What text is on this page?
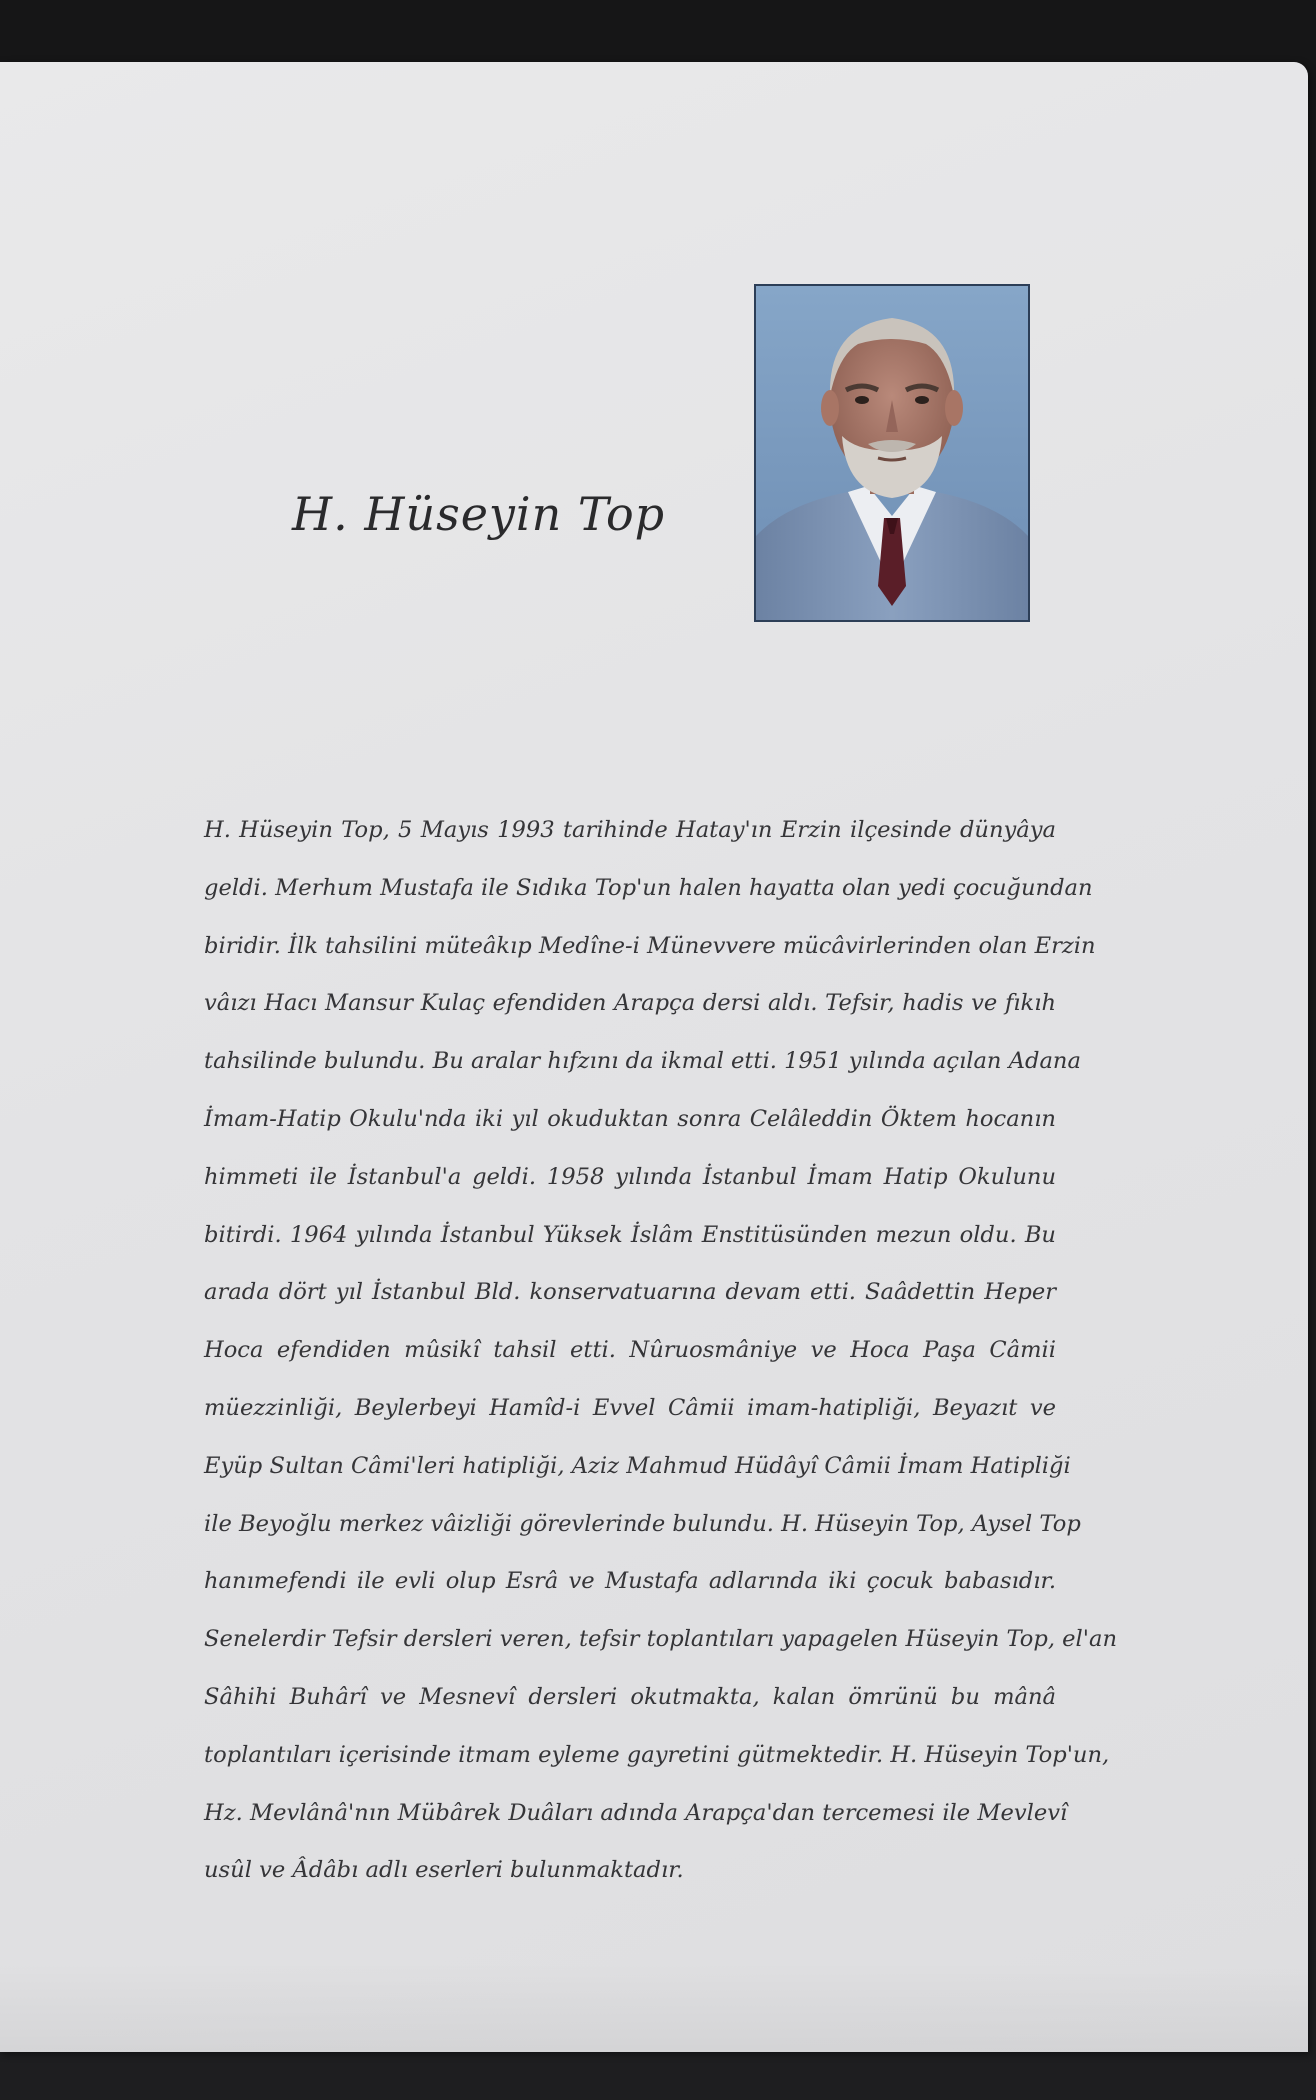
H. Hüseyin Top
H. Hüseyin Top, 5 Mayıs 1993 tarihinde Hatay'ın Erzin ilçesinde dünyâya
geldi. Merhum Mustafa ile Sıdıka Top'un halen hayatta olan yedi çocuğundan
biridir. İlk tahsilini müteâkıp Medîne-i Münevvere mücâvirlerinden olan Erzin
vâızı Hacı Mansur Kulaç efendiden Arapça dersi aldı. Tefsir, hadis ve fıkıh
tahsilinde bulundu. Bu aralar hıfzını da ikmal etti. 1951 yılında açılan Adana
İmam-Hatip Okulu'nda iki yıl okuduktan sonra Celâleddin Öktem hocanın
himmeti ile İstanbul'a geldi. 1958 yılında İstanbul İmam Hatip Okulunu
bitirdi. 1964 yılında İstanbul Yüksek İslâm Enstitüsünden mezun oldu. Bu
arada dört yıl İstanbul Bld. konservatuarına devam etti. Saâdettin Heper
Hoca efendiden mûsikî tahsil etti. Nûruosmâniye ve Hoca Paşa Câmii
müezzinliği, Beylerbeyi Hamîd-i Evvel Câmii imam-hatipliği, Beyazıt ve
Eyüp Sultan Câmi'leri hatipliği, Aziz Mahmud Hüdâyî Câmii İmam Hatipliği
ile Beyoğlu merkez vâizliği görevlerinde bulundu. H. Hüseyin Top, Aysel Top
hanımefendi ile evli olup Esrâ ve Mustafa adlarında iki çocuk babasıdır.
Senelerdir Tefsir dersleri veren, tefsir toplantıları yapagelen Hüseyin Top, el'an
Sâhihi Buhârî ve Mesnevî dersleri okutmakta, kalan ömrünü bu mânâ
toplantıları içerisinde itmam eyleme gayretini gütmektedir. H. Hüseyin Top'un,
Hz. Mevlânâ'nın Mübârek Duâları adında Arapça'dan tercemesi ile Mevlevî
usûl ve Âdâbı adlı eserleri bulunmaktadır.
